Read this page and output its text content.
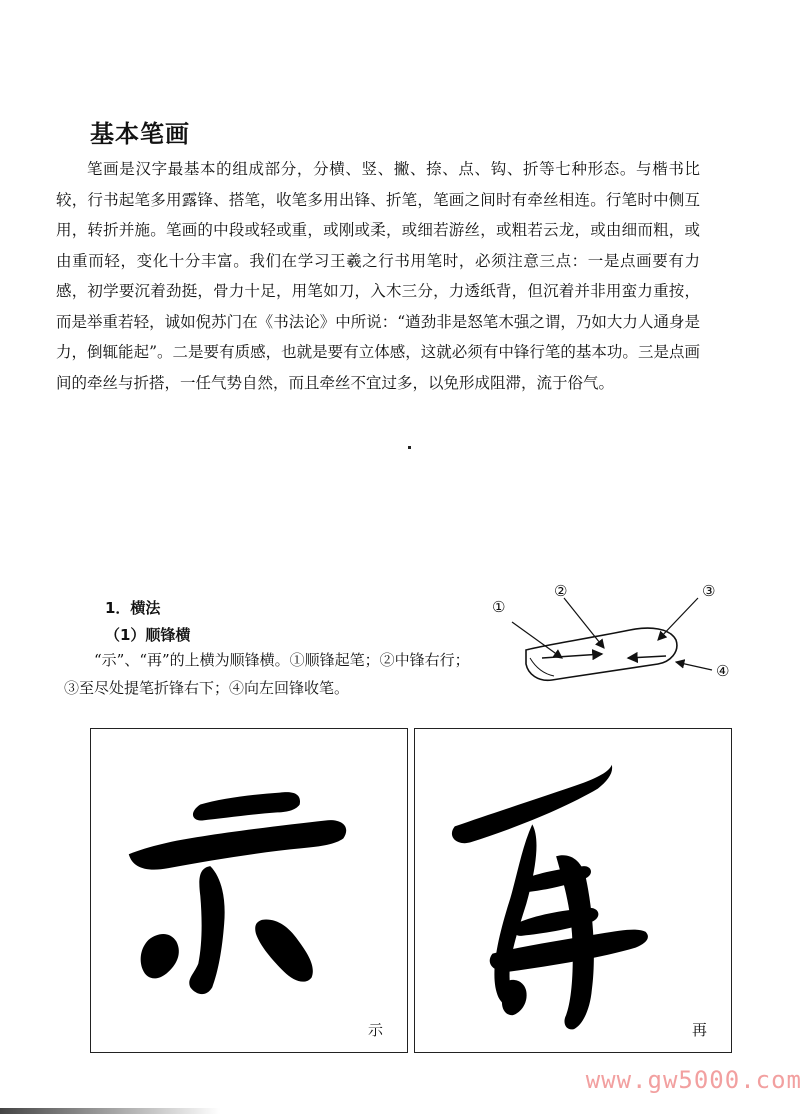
基本笔画

笔画是汉字最基本的组成部分，分横、竖、撇、捺、点、钩、折等七种形态。与楷书比较，行书起笔多用露锋、搭笔，收笔多用出锋、折笔，笔画之间时有牵丝相连。行笔时中侧互用，转折并施。笔画的中段或轻或重，或刚或柔，或细若游丝，或粗若云龙，或由细而粗，或由重而轻，变化十分丰富。我们在学习王羲之行书用笔时，必须注意三点：一是点画要有力感，初学要沉着劲挺，骨力十足，用笔如刀，入木三分，力透纸背，但沉着并非用蛮力重按，而是举重若轻，诚如倪苏门在《书法论》中所说：“遒劲非是怒笔木强之谓，乃如大力人通身是力，倒辄能起”。二是要有质感，也就是要有立体感，这就必须有中锋行笔的基本功。三是点画间的牵丝与折搭，一任气势自然，而且牵丝不宜过多，以免形成阻滞，流于俗气。

1．横法
（1）顺锋横

“示”、“再”的上横为顺锋横。①顺锋起笔；②中锋右行；③至尽处提笔折锋右下；④向左回锋收笔。

①
②	③
④
示	再
www.gw5000.com
